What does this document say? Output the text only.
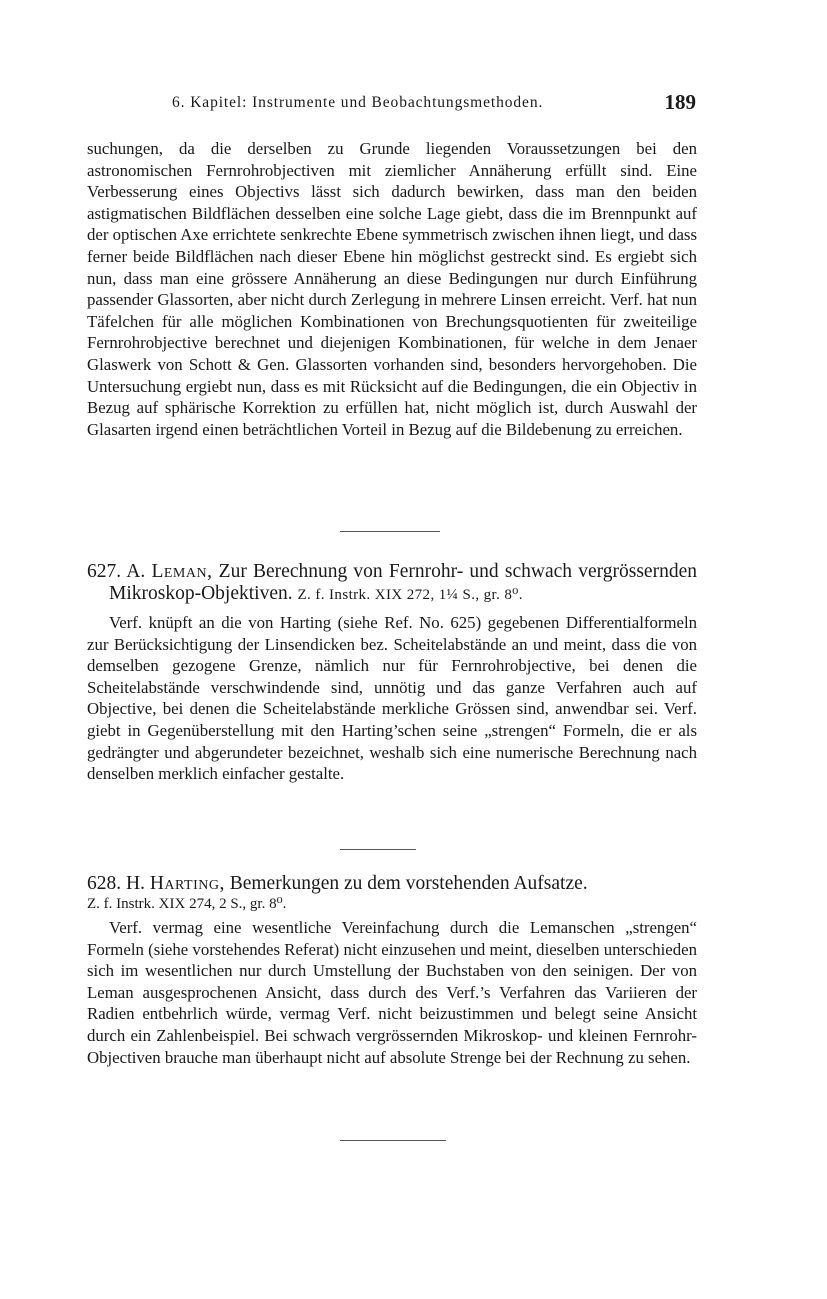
6. Kapitel: Instrumente und Beobachtungsmethoden.	189

suchungen, da die derselben zu Grunde liegenden Voraussetzungen bei den astronomischen Fernrohrobjectiven mit ziemlicher Annäherung erfüllt sind. Eine Verbesserung eines Objectivs lässt sich dadurch bewirken, dass man den beiden astigmatischen Bildflächen desselben eine solche Lage giebt, dass die im Brennpunkt auf der optischen Axe errichtete senkrechte Ebene symmetrisch zwischen ihnen liegt, und dass ferner beide Bildflächen nach dieser Ebene hin möglichst gestreckt sind. Es ergiebt sich nun, dass man eine grössere Annäherung an diese Bedingungen nur durch Einführung passender Glassorten, aber nicht durch Zerlegung in mehrere Linsen erreicht. Verf. hat nun Täfelchen für alle möglichen Kombinationen von Brechungsquotienten für zweiteilige Fernrohrobjective berechnet und diejenigen Kombinationen, für welche in dem Jenaer Glaswerk von Schott & Gen. Glassorten vorhanden sind, besonders hervorgehoben. Die Untersuchung ergiebt nun, dass es mit Rücksicht auf die Bedingungen, die ein Objectiv in Bezug auf sphärische Korrektion zu erfüllen hat, nicht möglich ist, durch Auswahl der Glasarten irgend einen beträchtlichen Vorteil in Bezug auf die Bildebenung zu erreichen.

627. A. Leman, Zur Berechnung von Fernrohr- und schwach vergrössernden Mikroskop-Objektiven. Z. f. Instrk. XIX 272, 1¼ S., gr. 8⁰.

Verf. knüpft an die von Harting (siehe Ref. No. 625) gegebenen Differentialformeln zur Berücksichtigung der Linsendicken bez. Scheitelabstände an und meint, dass die von demselben gezogene Grenze, nämlich nur für Fernrohrobjective, bei denen die Scheitelabstände verschwindende sind, unnötig und das ganze Verfahren auch auf Objective, bei denen die Scheitelabstände merkliche Grössen sind, anwendbar sei. Verf. giebt in Gegenüberstellung mit den Harting’schen seine „strengen“ Formeln, die er als gedrängter und abgerundeter bezeichnet, weshalb sich eine numerische Berechnung nach denselben merklich einfacher gestalte.

628. H. Harting, Bemerkungen zu dem vorstehenden Aufsatze.
Z. f. Instrk. XIX 274, 2 S., gr. 8⁰.

Verf. vermag eine wesentliche Vereinfachung durch die Lemanschen „strengen“ Formeln (siehe vorstehendes Referat) nicht einzusehen und meint, dieselben unterschieden sich im wesentlichen nur durch Umstellung der Buchstaben von den seinigen. Der von Leman ausgesprochenen Ansicht, dass durch des Verf.’s Verfahren das Variieren der Radien entbehrlich würde, vermag Verf. nicht beizustimmen und belegt seine Ansicht durch ein Zahlenbeispiel. Bei schwach vergrössernden Mikroskop- und kleinen Fernrohr-Objectiven brauche man überhaupt nicht auf absolute Strenge bei der Rechnung zu sehen.
